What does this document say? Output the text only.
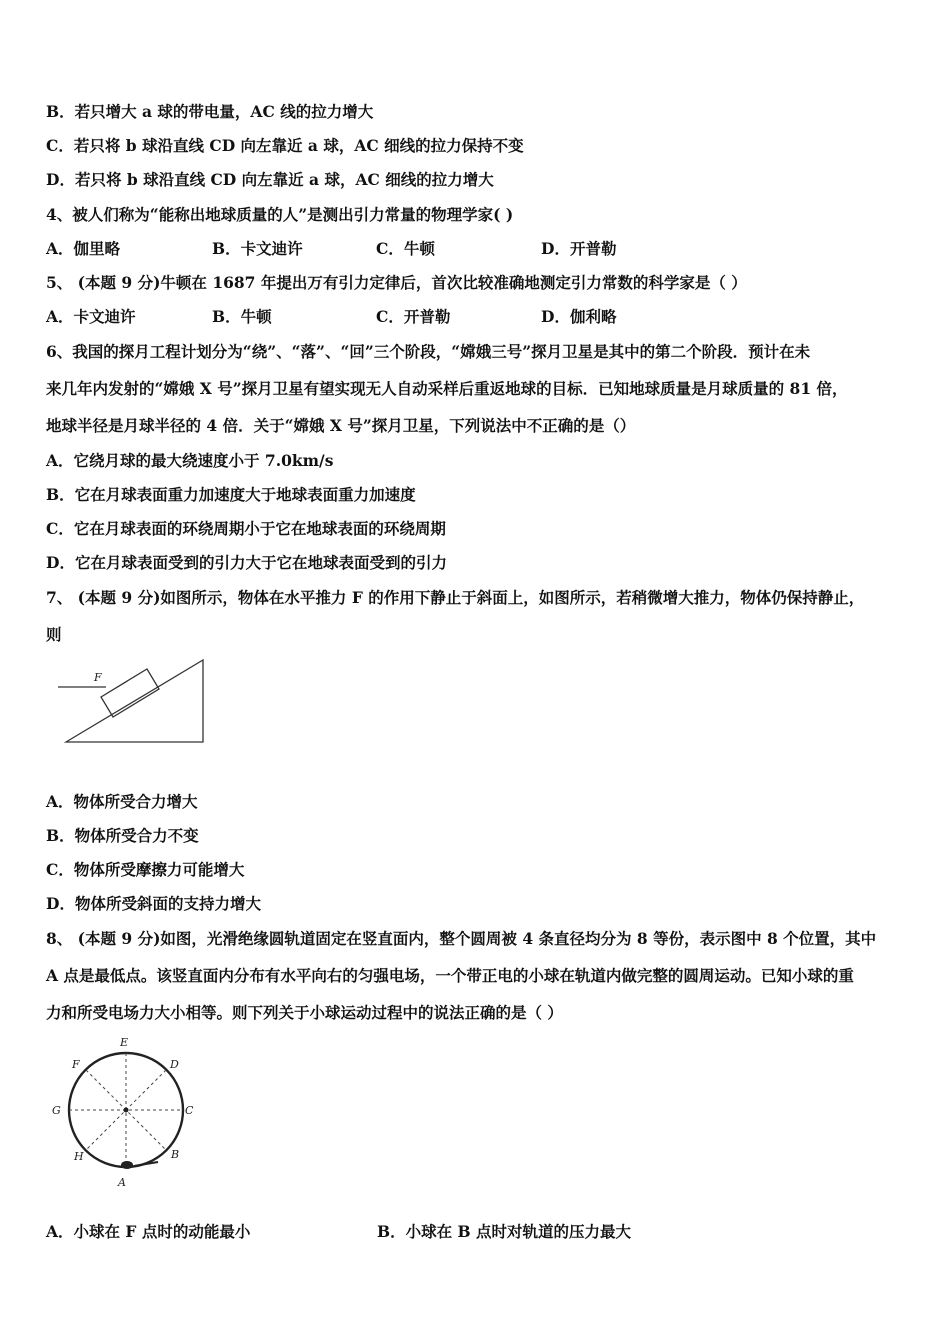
B．若只增大 a 球的带电量，AC 线的拉力增大
C．若只将 b 球沿直线 CD 向左靠近 a 球，AC 细线的拉力保持不变
D．若只将 b 球沿直线 CD 向左靠近 a 球，AC 细线的拉力增大
4、被人们称为“能称出地球质量的人”是测出引力常量的物理学家( )
A．伽里略	B．卡文迪许	C．牛顿	D．开普勒
5、 (本题 9 分)牛顿在 1687 年提出万有引力定律后，首次比较准确地测定引力常数的科学家是（ ）
A．卡文迪许	B．牛顿	C．开普勒	D．伽利略
6、我国的探月工程计划分为“绕”、“落”、“回”三个阶段，“嫦娥三号”探月卫星是其中的第二个阶段．预计在未
来几年内发射的“嫦娥 X 号”探月卫星有望实现无人自动采样后重返地球的目标．已知地球质量是月球质量的 81 倍，
地球半径是月球半径的 4 倍．关于“嫦娥 X 号”探月卫星，下列说法中不正确的是（）
A．它绕月球的最大绕速度小于 7.0km/s
B．它在月球表面重力加速度大于地球表面重力加速度
C．它在月球表面的环绕周期小于它在地球表面的环绕周期
D．它在月球表面受到的引力大于它在地球表面受到的引力
7、 (本题 9 分)如图所示，物体在水平推力 F 的作用下静止于斜面上，如图所示，若稍微增大推力，物体仍保持静止，
则
F
A．物体所受合力增大
B．物体所受合力不变
C．物体所受摩擦力可能增大
D．物体所受斜面的支持力增大
8、 (本题 9 分)如图，光滑绝缘圆轨道固定在竖直面内，整个圆周被 4 条直径均分为 8 等份，表示图中 8 个位置，其中
A 点是最低点。该竖直面内分布有水平向右的匀强电场，一个带正电的小球在轨道内做完整的圆周运动。已知小球的重
力和所受电场力大小相等。则下列关于小球运动过程中的说法正确的是（ ）
E
D
F
G	C
H	B
A
A．小球在 F 点时的动能最小	B．小球在 B 点时对轨道的压力最大
